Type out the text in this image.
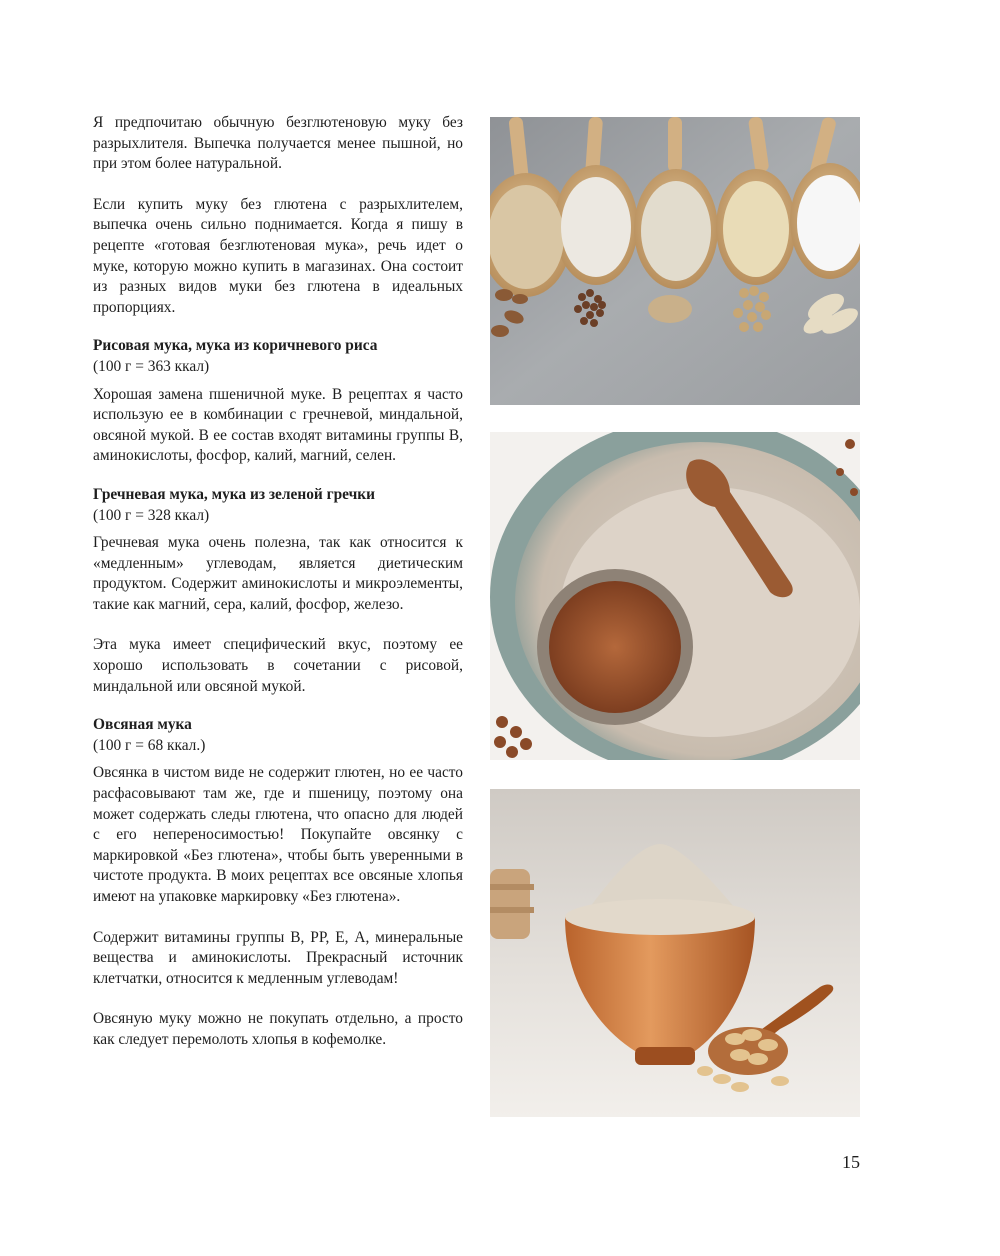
Я предпочитаю обычную безглютеновую муку без разрыхлителя. Выпечка получается менее пышной, но при этом более натуральной.

Если купить муку без глютена с разрыхлителем, выпечка очень сильно поднимается. Когда я пишу в рецепте «готовая безглютеновая мука», речь идет о муке, которую можно купить в магазинах. Она состоит из разных видов муки без глютена в идеальных пропорциях.

Рисовая мука, мука из коричневого риса

(100 г = 363 ккал)

Хорошая замена пшеничной муке. В рецептах я часто использую ее в комбинации с гречневой, миндальной, овсяной мукой. В ее состав входят витамины группы В, аминокислоты, фосфор, калий, магний, селен.

Гречневая мука, мука из зеленой гречки

(100 г = 328 ккал)

Гречневая мука очень полезна, так как относится к «медленным» углеводам, является диетическим продуктом. Содержит аминокислоты и микроэлементы, такие как магний, сера, калий, фосфор, железо.

Эта мука имеет специфический вкус, поэтому ее хорошо использовать в сочетании с рисовой, миндальной или овсяной мукой.

Овсяная мука

(100 г = 68 ккал.)

Овсянка в чистом виде не содержит глютен, но ее часто расфасовывают там же, где и пшеницу, поэтому она может содержать следы глютена, что опасно для людей с его непереносимостью! Покупайте овсянку с маркировкой «Без глютена», чтобы быть уверенными в чистоте продукта. В моих рецептах все овсяные хлопья имеют на упаковке маркировку «Без глютена».

Содержит витамины группы В, РР, Е, А, минеральные вещества и аминокислоты. Прекрасный источник клетчатки, относится к медленным углеводам!

Овсяную муку можно не покупать отдельно, а просто как следует перемолоть хлопья в кофемолке.

15
